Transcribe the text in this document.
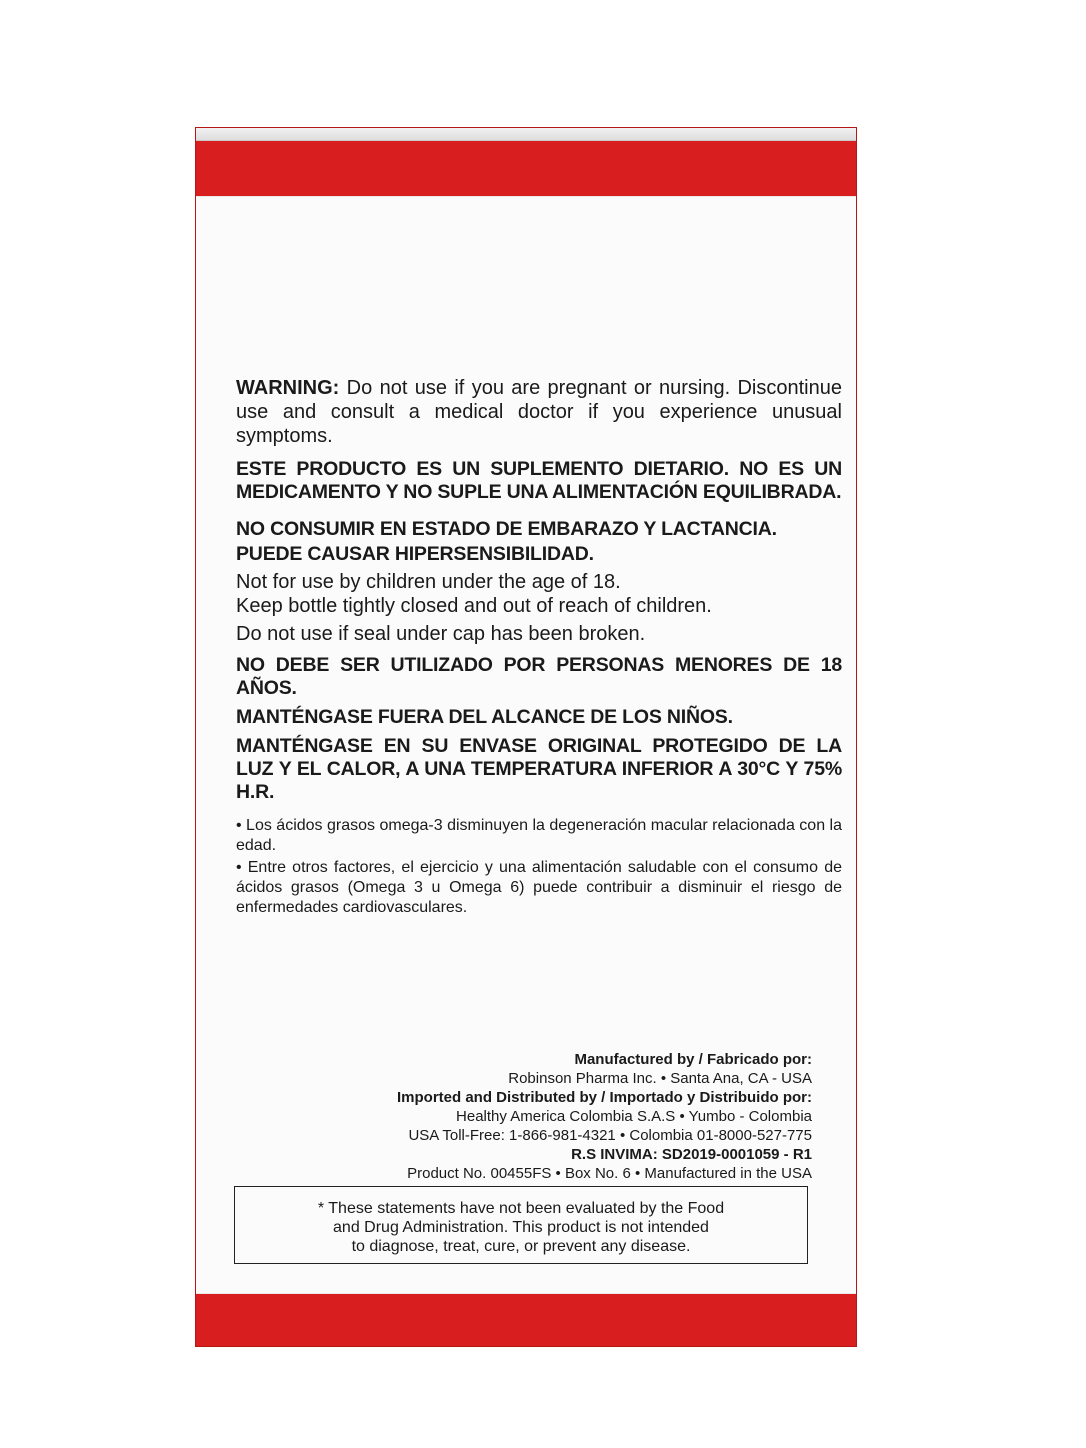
WARNING: Do not use if you are pregnant or nursing. Discontinue use and consult a medical doctor if you experience unusual symptoms.

ESTE PRODUCTO ES UN SUPLEMENTO DIETARIO. NO ES UN MEDICAMENTO Y NO SUPLE UNA ALIMENTACIÓN EQUILIBRADA.

NO CONSUMIR EN ESTADO DE EMBARAZO Y LACTANCIA.

PUEDE CAUSAR HIPERSENSIBILIDAD.

Not for use by children under the age of 18.

Keep bottle tightly closed and out of reach of children.

Do not use if seal under cap has been broken.

NO DEBE SER UTILIZADO POR PERSONAS MENORES DE 18 AÑOS.

MANTÉNGASE FUERA DEL ALCANCE DE LOS NIÑOS.

MANTÉNGASE EN SU ENVASE ORIGINAL PROTEGIDO DE LA LUZ Y EL CALOR, A UNA TEMPERATURA INFERIOR A 30°C Y 75% H.R.

• Los ácidos grasos omega-3 disminuyen la degeneración macular relacionada con la edad.

• Entre otros factores, el ejercicio y una alimentación saludable con el consumo de ácidos grasos (Omega 3 u Omega 6) puede contribuir a disminuir el riesgo de enfermedades cardiovasculares.

Manufactured by / Fabricado por:
Robinson Pharma Inc. • Santa Ana, CA - USA
Imported and Distributed by / Importado y Distribuido por:
Healthy America Colombia S.A.S • Yumbo - Colombia
USA Toll-Free: 1-866-981-4321 • Colombia 01-8000-527-775
R.S INVIMA: SD2019-0001059 - R1
Product No. 00455FS • Box No. 6 • Manufactured in the USA
* These statements have not been evaluated by the Food
and Drug Administration. This product is not intended
to diagnose, treat, cure, or prevent any disease.
